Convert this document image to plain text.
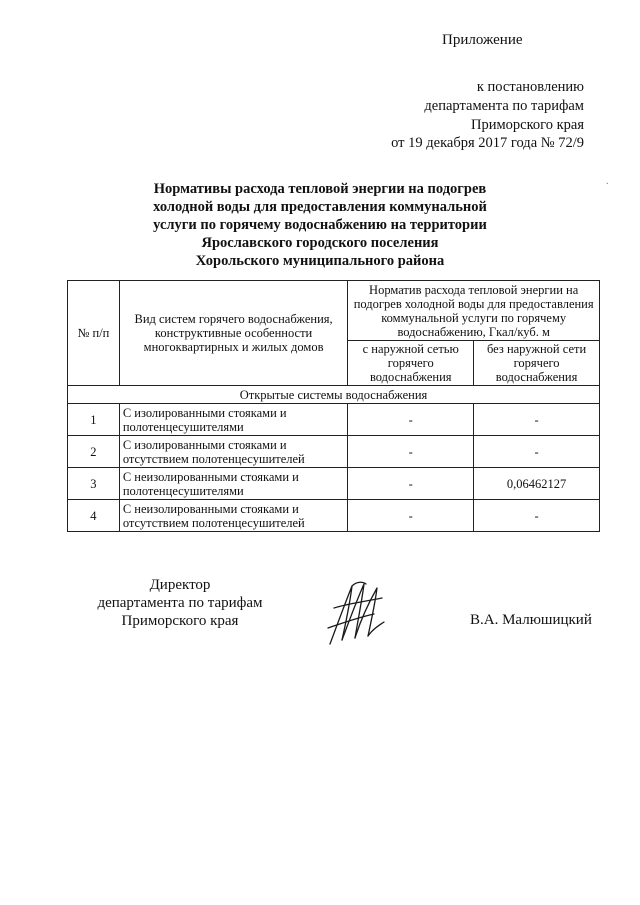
Приложение
к постановлению
департамента по тарифам
Приморского края
от 19 декабря 2017 года № 72/9
.
Нормативы расхода тепловой энергии на подогрев
холодной воды для предоставления коммунальной
услуги по горячему водоснабжению на территории
Ярославского городского поселения
Хорольского муниципального района
№ п/п	Вид систем горячего водоснабжения, конструктивные особенности многоквартирных и жилых домов	Норматив расхода тепловой энергии на подогрев холодной воды для предоставления коммунальной услуги по горячему водоснабжению, Гкал/куб. м	
		с наружной сетью горячего водоснабжения	без наружной сети горячего водоснабжения
Открытые системы водоснабжения			
1	С изолированными стояками и полотенцесушителями	-	-
2	С изолированными стояками и отсутствием полотенцесушителей	-	-
3	С неизолированными стояками и полотенцесушителями	-	0,06462127
4	С неизолированными стояками и отсутствием полотенцесушителей	-	-
Директор
департамента по тарифам
Приморского края	В.А. Малюшицкий
